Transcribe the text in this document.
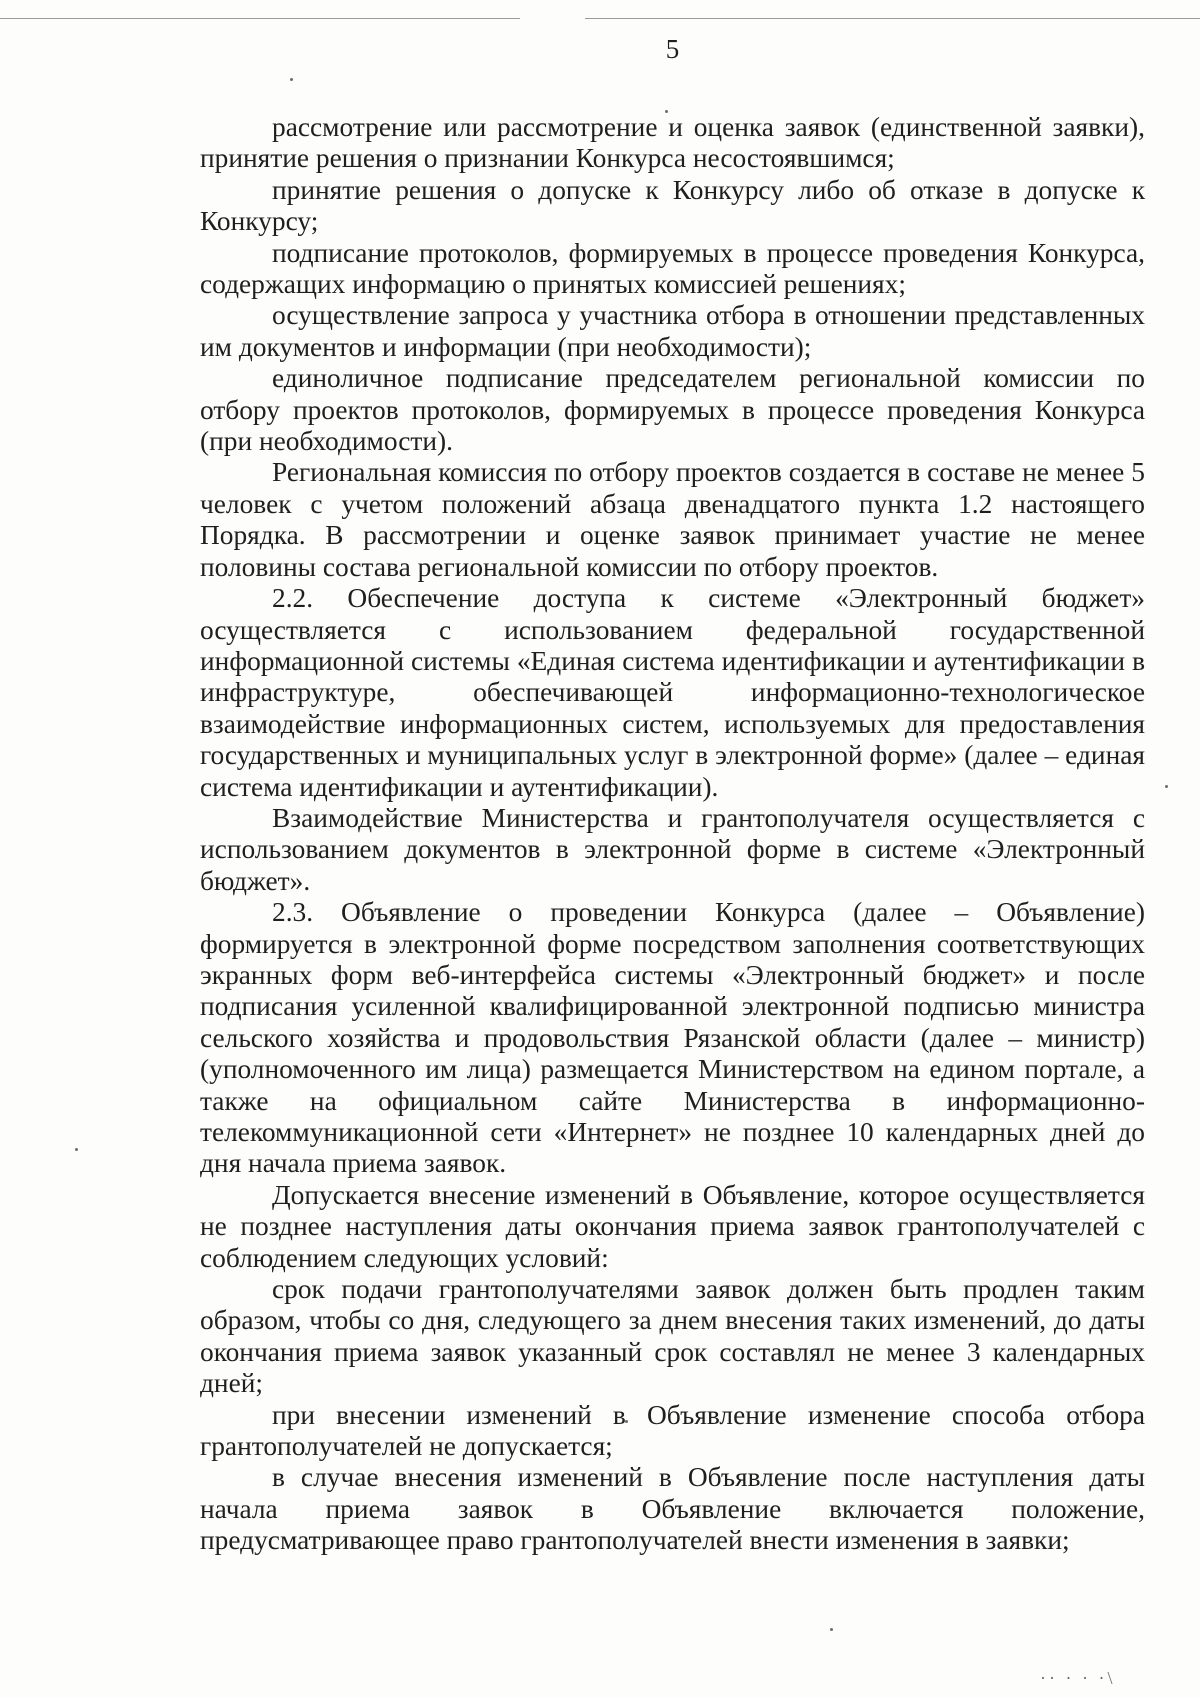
5

рассмотрение или рассмотрение и оценка заявок (единственной заявки), принятие решения о признании Конкурса несостоявшимся;

принятие решения о допуске к Конкурсу либо об отказе в допуске к Конкурсу;

подписание протоколов, формируемых в процессе проведения Конкурса, содержащих информацию о принятых комиссией решениях;

осуществление запроса у участника отбора в отношении представленных им документов и информации (при необходимости);

единоличное подписание председателем региональной комиссии по отбору проектов протоколов, формируемых в процессе проведения Конкурса (при необходимости).

Региональная комиссия по отбору проектов создается в составе не менее 5 человек с учетом положений абзаца двенадцатого пункта 1.2 настоящего Порядка. В рассмотрении и оценке заявок принимает участие не менее половины состава региональной комиссии по отбору проектов.

2.2. Обеспечение доступа к системе «Электронный бюджет» осуществляется с использованием федеральной государственной информационной системы «Единая система идентификации и аутентификации в инфраструктуре, обеспечивающей информационно-технологическое взаимодействие информационных систем, используемых для предоставления государственных и муниципальных услуг в электронной форме» (далее – единая система идентификации и аутентификации).

Взаимодействие Министерства и грантополучателя осуществляется с использованием документов в электронной форме в системе «Электронный бюджет».

2.3. Объявление о проведении Конкурса (далее – Объявление) формируется в электронной форме посредством заполнения соответствующих экранных форм веб-интерфейса системы «Электронный бюджет» и после подписания усиленной квалифицированной электронной подписью министра сельского хозяйства и продовольствия Рязанской области (далее – министр) (уполномоченного им лица) размещается Министерством на едином портале, а также на официальном сайте Министерства в информационно-телекоммуникационной сети «Интернет» не позднее 10 календарных дней до дня начала приема заявок.

Допускается внесение изменений в Объявление, которое осуществляется не позднее наступления даты окончания приема заявок грантополучателей с соблюдением следующих условий:

срок подачи грантополучателями заявок должен быть продлен таким образом, чтобы со дня, следующего за днем внесения таких изменений, до даты окончания приема заявок указанный срок составлял не менее 3 календарных дней;

при внесении изменений в Объявление изменение способа отбора грантополучателей не допускается;

в случае внесения изменений в Объявление после наступления даты начала приема заявок в Объявление включается положение, предусматривающее право грантополучателей внести изменения в заявки;

·· · · ·\
